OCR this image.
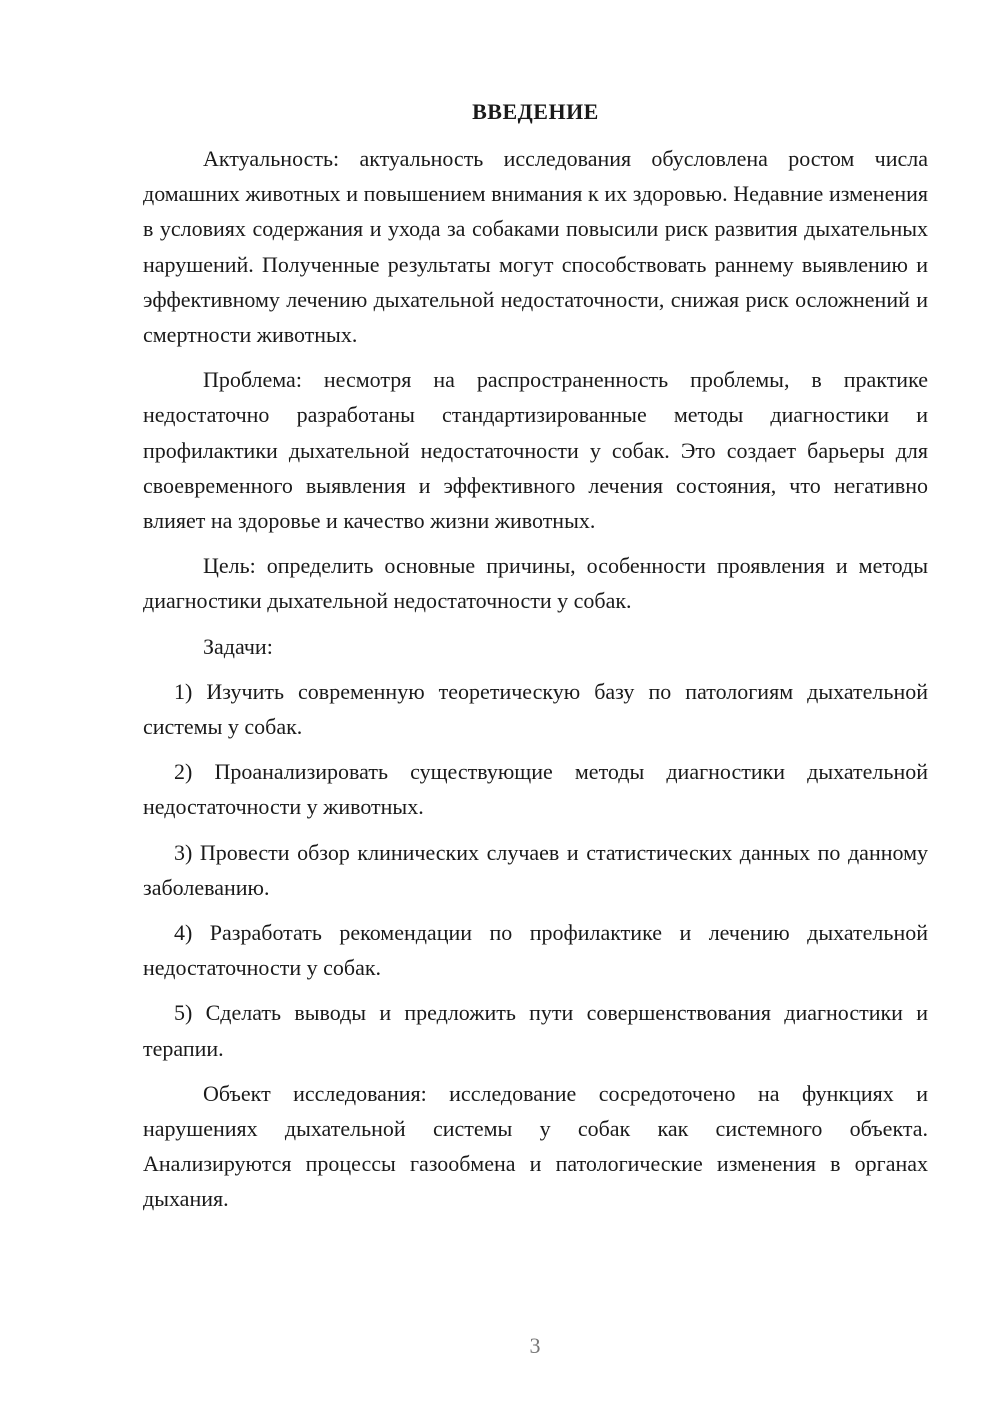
ВВЕДЕНИЕ

Актуальность: актуальность исследования обусловлена ростом числа домашних животных и повышением внимания к их здоровью. Недавние изменения в условиях содержания и ухода за собаками повысили риск развития дыхательных нарушений. Полученные результаты могут способствовать раннему выявлению и эффективному лечению дыхательной недостаточности, снижая риск осложнений и смертности животных.

Проблема: несмотря на распространенность проблемы, в практике недостаточно разработаны стандартизированные методы диагностики и профилактики дыхательной недостаточности у собак. Это создает барьеры для своевременного выявления и эффективного лечения состояния, что негативно влияет на здоровье и качество жизни животных.

Цель: определить основные причины, особенности проявления и методы диагностики дыхательной недостаточности у собак.

Задачи:

1) Изучить современную теоретическую базу по патологиям дыхательной системы у собак.

2) Проанализировать существующие методы диагностики дыхательной недостаточности у животных.

3) Провести обзор клинических случаев и статистических данных по данному заболеванию.

4) Разработать рекомендации по профилактике и лечению дыхательной недостаточности у собак.

5) Сделать выводы и предложить пути совершенствования диагностики и терапии.

Объект исследования: исследование сосредоточено на функциях и нарушениях дыхательной системы у собак как системного объекта. Анализируются процессы газообмена и патологические изменения в органах дыхания.

3
